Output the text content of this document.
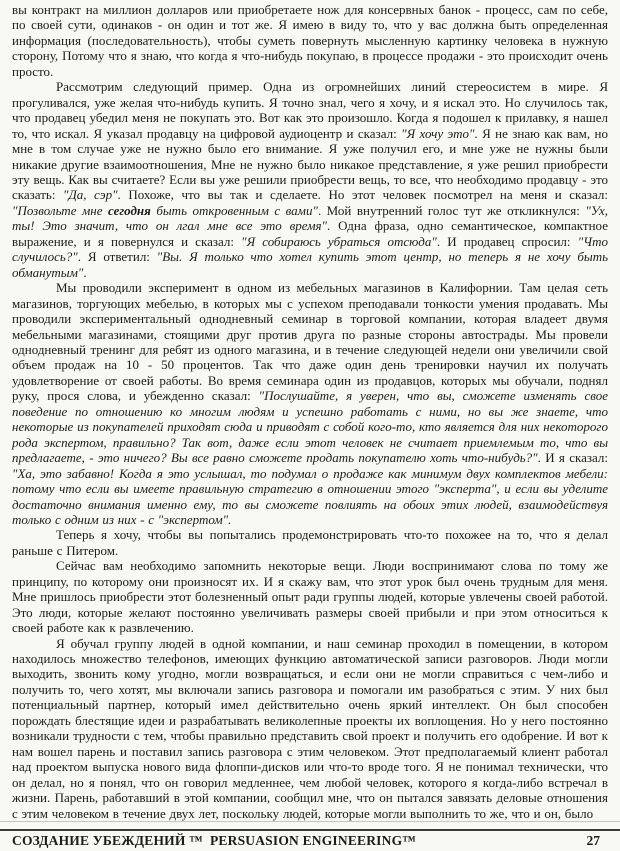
вы контракт на миллион долларов или приобретаете нож для консервных банок - процесс, сам по себе, по своей сути, одинаков - он один и тот же. Я имею в виду то, что у вас должна быть определенная информация (последовательность), чтобы суметь повернуть мысленную картинку человека в нужную сторону, Потому что я знаю, что когда я что-нибудь покупаю, в процессе продажи - это происходит очень просто.

Рассмотрим следующий пример. Одна из огромнейших линий стереосистем в мире. Я прогуливался, уже желая что-нибудь купить. Я точно знал, чего я хочу, и я искал это. Но случилось так, что продавец убедил меня не покупать это. Вот как это произошло. Когда я подошел к прилавку, я нашел то, что искал. Я указал продавцу на цифровой аудиоцентр и сказал: "Я хочу это". Я не знаю как вам, но мне в том случае уже не нужно было его внимание. Я уже получил его, и мне уже не нужны были никакие другие взаимоотношения, Мне не нужно было никакое представление, я уже решил приобрести эту вещь. Как вы считаете? Если вы уже решили приобрести вещь, то все, что необходимо продавцу - это сказать: "Да, сэр". Похоже, что вы так и сделаете. Но этот человек посмотрел на меня и сказал: "Позвольте мне сегодня быть откровенным с вами". Мой внутренний голос тут же откликнулся: "Ух, ты! Это значит, что он лгал мне все это время". Одна фраза, одно семантическое, компактное выражение, и я повернулся и сказал: "Я собираюсь убраться отсюда". И продавец спросил: "Что случилось?". Я ответил: "Вы. Я только что хотел купить этот центр, но теперь я не хочу быть обманутым".

Мы проводили эксперимент в одном из мебельных магазинов в Калифорнии. Там целая сеть магазинов, торгующих мебелью, в которых мы с успехом преподавали тонкости умения продавать. Мы проводили экспериментальный однодневный семинар в торговой компании, которая владеет двумя мебельными магазинами, стоящими друг против друга по разные стороны автострады. Мы провели однодневный тренинг для ребят из одного магазина, и в течение следующей недели они увеличили свой объем продаж на 10 - 50 процентов. Так что даже один день тренировки научил их получать удовлетворение от своей работы. Во время семинара один из продавцов, которых мы обучали, поднял руку, прося слова, и убежденно сказал: "Послушайте, я уверен, что вы, сможете изменять свое поведение по отношению ко многим людям и успешно работать с ними, но вы же знаете, что некоторые из покупателей приходят сюда и приводят с собой кого-то, кто является для них некоторого рода экспертом, правильно? Так вот, даже если этот человек не считает приемлемым то, что вы предлагаете, - это ничего? Вы все равно сможете продать покупателю хоть что-нибудь?". И я сказал: "Ха, это забавно! Когда я это услышал, то подумал о продаже как минимум двух комплектов мебели: потому что если вы имеете правильную стратегию в отношении этого "эксперта", и если вы уделите достаточно внимания именно ему, то вы сможете повлиять на обоих этих людей, взаимодействуя только с одним из них - с "экспертом".

Теперь я хочу, чтобы вы попытались продемонстрировать что-то похожее на то, что я делал раньше с Питером.

Сейчас вам необходимо запомнить некоторые вещи. Люди воспринимают слова по тому же принципу, по которому они произносят их. И я скажу вам, что этот урок был очень трудным для меня. Мне пришлось приобрести этот болезненный опыт ради группы людей, которые увлечены своей работой. Это люди, которые желают постоянно увеличивать размеры своей прибыли и при этом относиться к своей работе как к развлечению.

Я обучал группу людей в одной компании, и наш семинар проходил в помещении, в котором находилось множество телефонов, имеющих функцию автоматической записи разговоров. Люди могли выходить, звонить кому угодно, могли возвращаться, и если они не могли справиться с чем-либо и получить то, чего хотят, мы включали запись разговора и помогали им разобраться с этим. У них был потенциальный партнер, который имел действительно очень яркий интеллект. Он был способен порождать блестящие идеи и разрабатывать великолепные проекты их воплощения. Но у него постоянно возникали трудности с тем, чтобы правильно представить свой проект и получить его одобрение. И вот к нам вошел парень и поставил запись разговора с этим человеком. Этот предполагаемый клиент работал над проектом выпуска нового вида флоппи-дисков или что-то вроде того. Я не понимал технически, что он делал, но я понял, что он говорил медленнее, чем любой человек, которого я когда-либо встречал в жизни. Парень, работавший в этой компании, сообщил мне, что он пытался завязать деловые отношения с этим человеком в течение двух лет, поскольку людей, которые могли выполнить то же, что и он, было

СОЗДАНИЕ УБЕЖДЕНИЙ ™  PERSUASION ENGINEERING™	27
